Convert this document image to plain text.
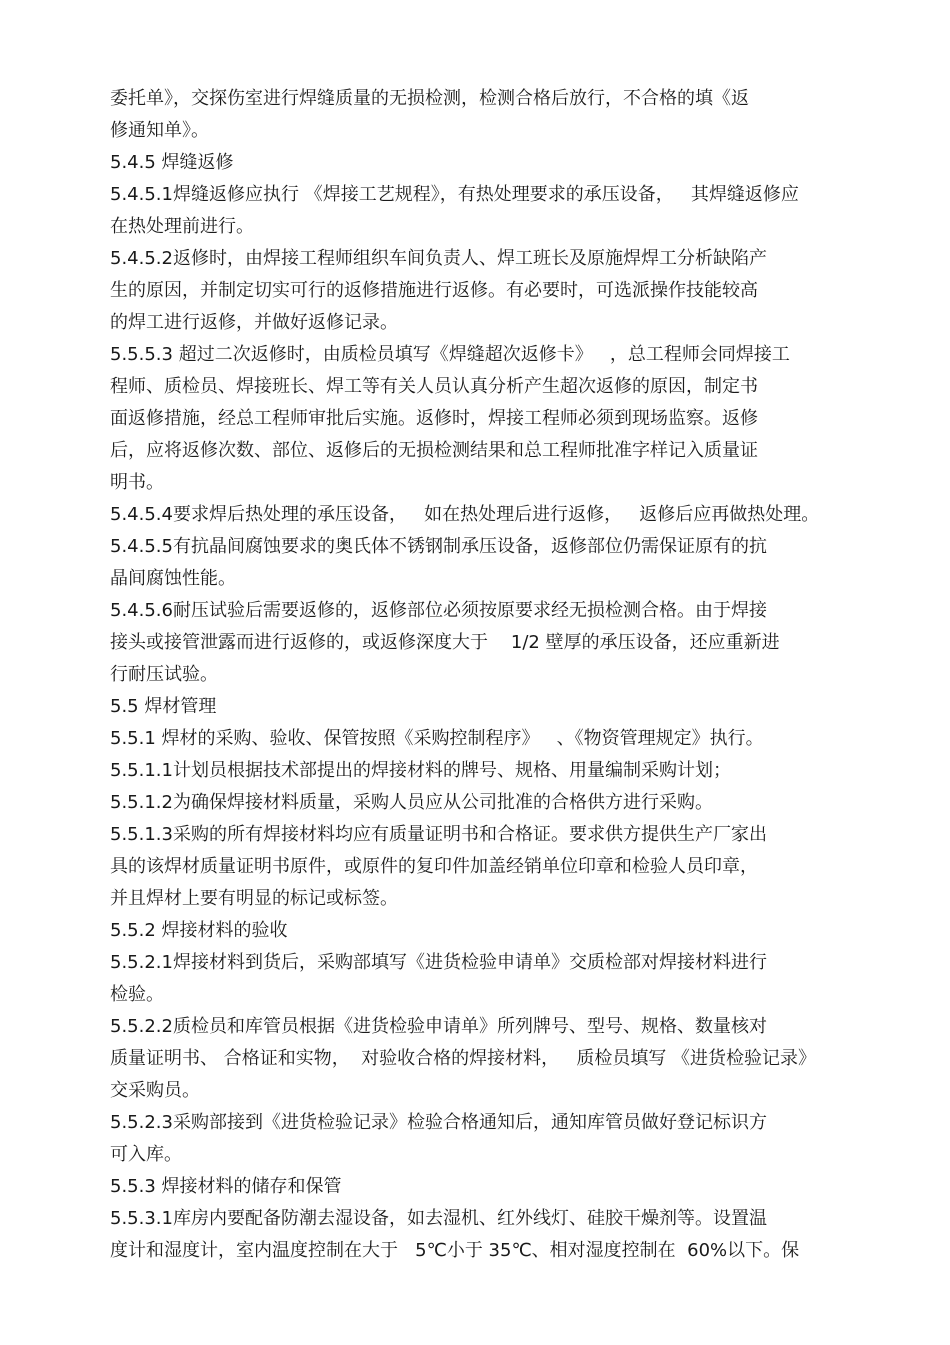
委托单》，交探伤室进行焊缝质量的无损检测，检测合格后放行，不合格的填《返
修通知单》。
5.4.5 焊缝返修
5.4.5.1焊缝返修应执行 《焊接工艺规程》，有热处理要求的承压设备，   其焊缝返修应
在热处理前进行。
5.4.5.2返修时，由焊接工程师组织车间负责人、焊工班长及原施焊焊工分析缺陷产
生的原因，并制定切实可行的返修措施进行返修。有必要时，可选派操作技能较高
的焊工进行返修，并做好返修记录。
5.5.5.3 超过二次返修时，由质检员填写《焊缝超次返修卡》   ，总工程师会同焊接工
程师、质检员、焊接班长、焊工等有关人员认真分析产生超次返修的原因，制定书
面返修措施，经总工程师审批后实施。返修时，焊接工程师必须到现场监察。返修
后，应将返修次数、部位、返修后的无损检测结果和总工程师批准字样记入质量证
明书。
5.4.5.4要求焊后热处理的承压设备，   如在热处理后进行返修，   返修后应再做热处理。
5.4.5.5有抗晶间腐蚀要求的奥氏体不锈钢制承压设备，返修部位仍需保证原有的抗
晶间腐蚀性能。
5.4.5.6耐压试验后需要返修的，返修部位必须按原要求经无损检测合格。由于焊接
接头或接管泄露而进行返修的，或返修深度大于    1/2 壁厚的承压设备，还应重新进
行耐压试验。
5.5 焊材管理
5.5.1 焊材的采购、验收、保管按照《采购控制程序》   、《物资管理规定》执行。
5.5.1.1计划员根据技术部提出的焊接材料的牌号、规格、用量编制采购计划；
5.5.1.2为确保焊接材料质量，采购人员应从公司批准的合格供方进行采购。
5.5.1.3采购的所有焊接材料均应有质量证明书和合格证。要求供方提供生产厂家出
具的该焊材质量证明书原件，或原件的复印件加盖经销单位印章和检验人员印章，
并且焊材上要有明显的标记或标签。
5.5.2 焊接材料的验收
5.5.2.1焊接材料到货后，采购部填写《进货检验申请单》交质检部对焊接材料进行
检验。
5.5.2.2质检员和库管员根据《进货检验申请单》所列牌号、型号、规格、数量核对
质量证明书、 合格证和实物，  对验收合格的焊接材料，   质检员填写 《进货检验记录》
交采购员。
5.5.2.3采购部接到《进货检验记录》检验合格通知后，通知库管员做好登记标识方
可入库。
5.5.3 焊接材料的储存和保管
5.5.3.1库房内要配备防潮去湿设备，如去湿机、红外线灯、硅胶干燥剂等。设置温
度计和湿度计，室内温度控制在大于   5℃小于 35℃、相对湿度控制在  60%以下。保
